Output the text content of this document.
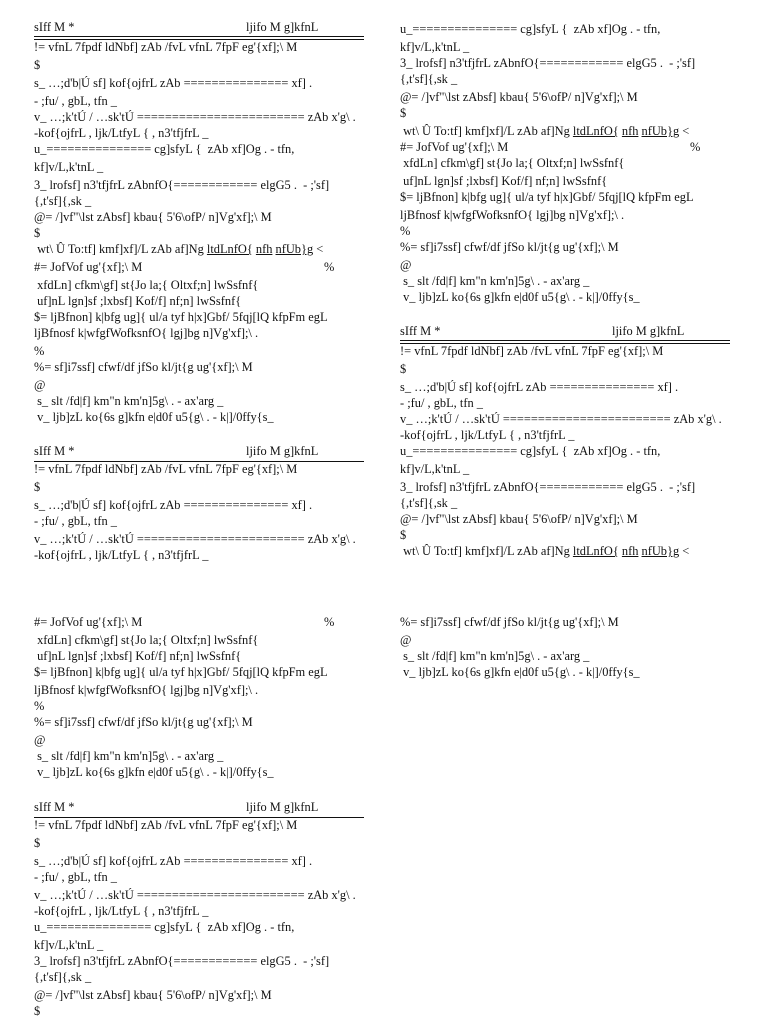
sIff M *	ljifo M g]kfnL
!= vfnL 7fpdf ldNbf] zAb /fvL vfnL 7fpF eg'{xf];\ M
$
s_ …;d'b|Ú sf] kof{ojfrL zAb =============== xf] .
- ;fu/ , gbL, tfn _
v_ …;k'tÚ / …sk'tÚ ======================== zAb x'g\ .
-kof{ojfrL , ljk/LtfyL { , n3'tfjfrL _
u_=============== cg]sfyL {  zAb xf]Og . - tfn,
kf]v/L,k'tnL _
3_ lrofsf] n3'tfjfrL zAbnfO{============ elgG5 .  - ;'sf]
{,t'sf]{,sk _
@= /]vf"\lst zAbsf] kbau{ 5'6\ofP/ n]Vg'xf];\ M
$
wt\ Û To:tf] kmf]xf]/L zAb af]Ng ltdLnfO{ nfh nfUb}g <
#= JofVof ug'{xf];\ M	%
xfdLn] cfkm\gf] st{Jo la;{ Oltxf;n] lwSsfnf{
uf]nL lgn]sf ;lxbsf] Kof/f] nf;n] lwSsfnf{
$= ljBfnon] k|bfg ug]{ ul/a tyf h|x]Gbf/ 5fqj[lQ kfpFm egL
ljBfnosf k|wfgfWofksnfO{ lgj]bg n]Vg'xf];\ .
%
%= sf]i7ssf] cfwf/df jfSo kl/jt{g ug'{xf];\ M
@
s_ slt /fd|f] km"n km'n]5g\ . - ax'arg _
v_ ljb]zL ko{6s g]kfn e|d0f u5{g\ . - k|]/0ffy{s_
sIff M *	ljifo M g]kfnL
!= vfnL 7fpdf ldNbf] zAb /fvL vfnL 7fpF eg'{xf];\ M
$
s_ …;d'b|Ú sf] kof{ojfrL zAb =============== xf] .
- ;fu/ , gbL, tfn _
v_ …;k'tÚ / …sk'tÚ ======================== zAb x'g\ .
-kof{ojfrL , ljk/LtfyL { , n3'tfjfrL _
#= JofVof ug'{xf];\ M	%
xfdLn] cfkm\gf] st{Jo la;{ Oltxf;n] lwSsfnf{
uf]nL lgn]sf ;lxbsf] Kof/f] nf;n] lwSsfnf{
$= ljBfnon] k|bfg ug]{ ul/a tyf h|x]Gbf/ 5fqj[lQ kfpFm egL
ljBfnosf k|wfgfWofksnfO{ lgj]bg n]Vg'xf];\ .
%
%= sf]i7ssf] cfwf/df jfSo kl/jt{g ug'{xf];\ M
@
s_ slt /fd|f] km"n km'n]5g\ . - ax'arg _
v_ ljb]zL ko{6s g]kfn e|d0f u5{g\ . - k|]/0ffy{s_
sIff M *	ljifo M g]kfnL
!= vfnL 7fpdf ldNbf] zAb /fvL vfnL 7fpF eg'{xf];\ M
$
s_ …;d'b|Ú sf] kof{ojfrL zAb =============== xf] .
- ;fu/ , gbL, tfn _
v_ …;k'tÚ / …sk'tÚ ======================== zAb x'g\ .
-kof{ojfrL , ljk/LtfyL { , n3'tfjfrL _
u_=============== cg]sfyL {  zAb xf]Og . - tfn,
kf]v/L,k'tnL _
3_ lrofsf] n3'tfjfrL zAbnfO{============ elgG5 .  - ;'sf]
{,t'sf]{,sk _
@= /]vf"\lst zAbsf] kbau{ 5'6\ofP/ n]Vg'xf];\ M
$
u_=============== cg]sfyL {  zAb xf]Og . - tfn,
kf]v/L,k'tnL _
3_ lrofsf] n3'tfjfrL zAbnfO{============ elgG5 .  - ;'sf]
{,t'sf]{,sk _
@= /]vf"\lst zAbsf] kbau{ 5'6\ofP/ n]Vg'xf];\ M
$
wt\ Û To:tf] kmf]xf]/L zAb af]Ng ltdLnfO{ nfh nfUb}g <
#= JofVof ug'{xf];\ M	%
xfdLn] cfkm\gf] st{Jo la;{ Oltxf;n] lwSsfnf{
uf]nL lgn]sf ;lxbsf] Kof/f] nf;n] lwSsfnf{
$= ljBfnon] k|bfg ug]{ ul/a tyf h|x]Gbf/ 5fqj[lQ kfpFm egL
ljBfnosf k|wfgfWofksnfO{ lgj]bg n]Vg'xf];\ .
%
%= sf]i7ssf] cfwf/df jfSo kl/jt{g ug'{xf];\ M
@
s_ slt /fd|f] km"n km'n]5g\ . - ax'arg _
v_ ljb]zL ko{6s g]kfn e|d0f u5{g\ . - k|]/0ffy{s_
sIff M *	ljifo M g]kfnL
!= vfnL 7fpdf ldNbf] zAb /fvL vfnL 7fpF eg'{xf];\ M
$
s_ …;d'b|Ú sf] kof{ojfrL zAb =============== xf] .
- ;fu/ , gbL, tfn _
v_ …;k'tÚ / …sk'tÚ ======================== zAb x'g\ .
-kof{ojfrL , ljk/LtfyL { , n3'tfjfrL _
u_=============== cg]sfyL {  zAb xf]Og . - tfn,
kf]v/L,k'tnL _
3_ lrofsf] n3'tfjfrL zAbnfO{============ elgG5 .  - ;'sf]
{,t'sf]{,sk _
@= /]vf"\lst zAbsf] kbau{ 5'6\ofP/ n]Vg'xf];\ M
$
wt\ Û To:tf] kmf]xf]/L zAb af]Ng ltdLnfO{ nfh nfUb}g <
%= sf]i7ssf] cfwf/df jfSo kl/jt{g ug'{xf];\ M
@
s_ slt /fd|f] km"n km'n]5g\ . - ax'arg _
v_ ljb]zL ko{6s g]kfn e|d0f u5{g\ . - k|]/0ffy{s_
